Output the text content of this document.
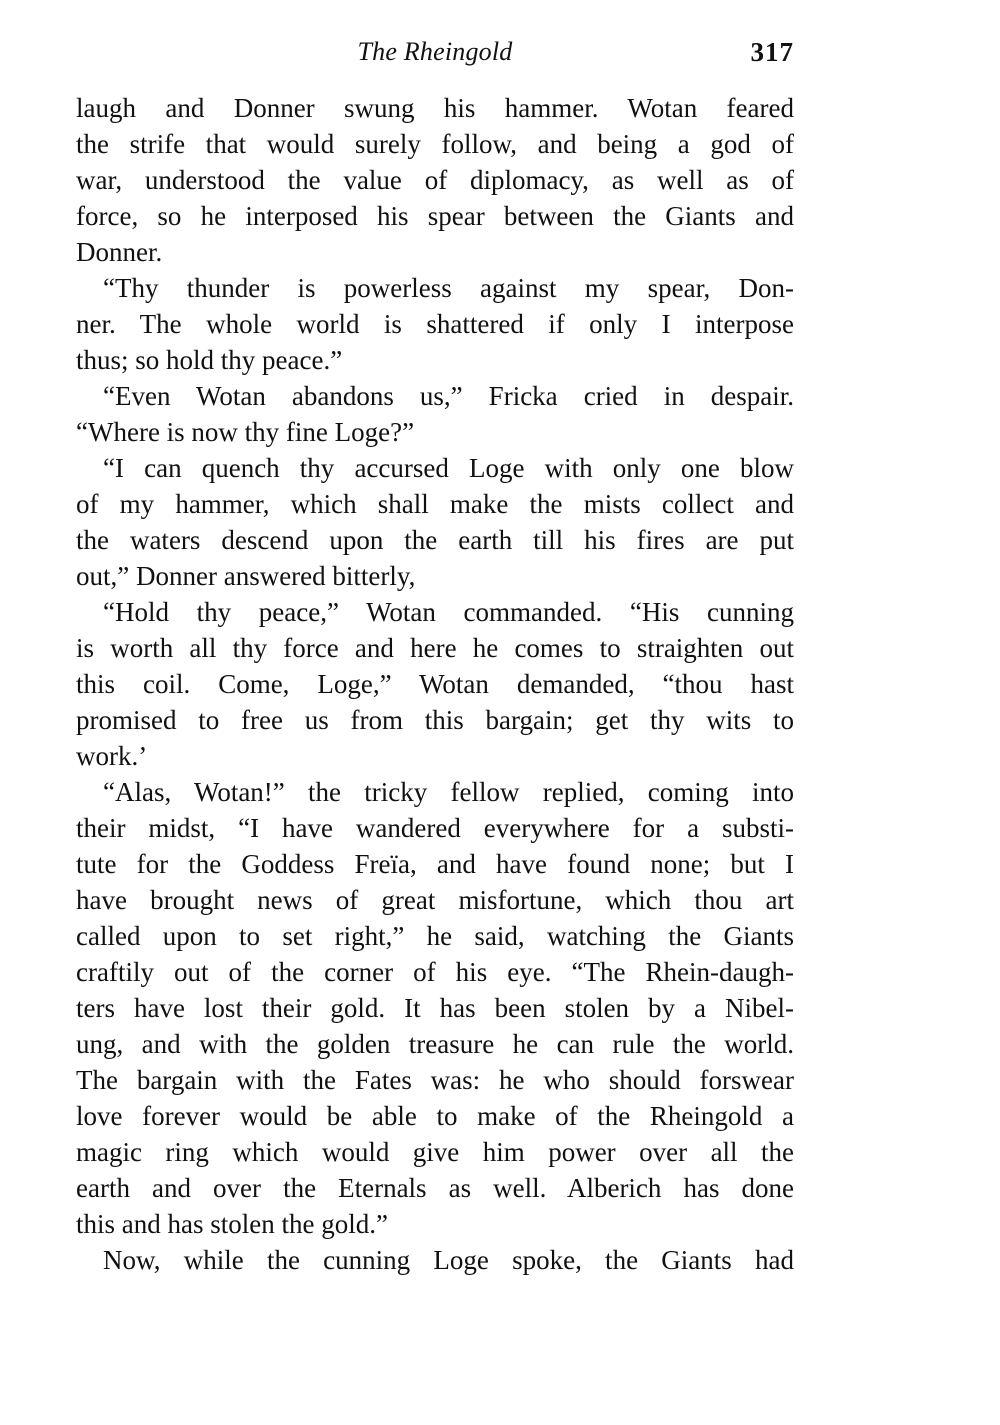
The Rheingold	317
laugh and Donner swung his hammer. Wotan feared
the strife that would surely follow, and being a god of
war, understood the value of diplomacy, as well as of
force, so he interposed his spear between the Giants and
Donner.
“Thy thunder is powerless against my spear, Don-
ner. The whole world is shattered if only I interpose
thus; so hold thy peace.”
“Even Wotan abandons us,” Fricka cried in despair.
“Where is now thy fine Loge?”
“I can quench thy accursed Loge with only one blow
of my hammer, which shall make the mists collect and
the waters descend upon the earth till his fires are put
out,” Donner answered bitterly,
“Hold thy peace,” Wotan commanded. “His cunning
is worth all thy force and here he comes to straighten out
this coil. Come, Loge,” Wotan demanded, “thou hast
promised to free us from this bargain; get thy wits to
work.’
“Alas, Wotan!” the tricky fellow replied, coming into
their midst, “I have wandered everywhere for a substi-
tute for the Goddess Freïa, and have found none; but I
have brought news of great misfortune, which thou art
called upon to set right,” he said, watching the Giants
craftily out of the corner of his eye. “The Rhein-daugh-
ters have lost their gold. It has been stolen by a Nibel-
ung, and with the golden treasure he can rule the world.
The bargain with the Fates was: he who should forswear
love forever would be able to make of the Rheingold a
magic ring which would give him power over all the
earth and over the Eternals as well. Alberich has done
this and has stolen the gold.”
Now, while the cunning Loge spoke, the Giants had
